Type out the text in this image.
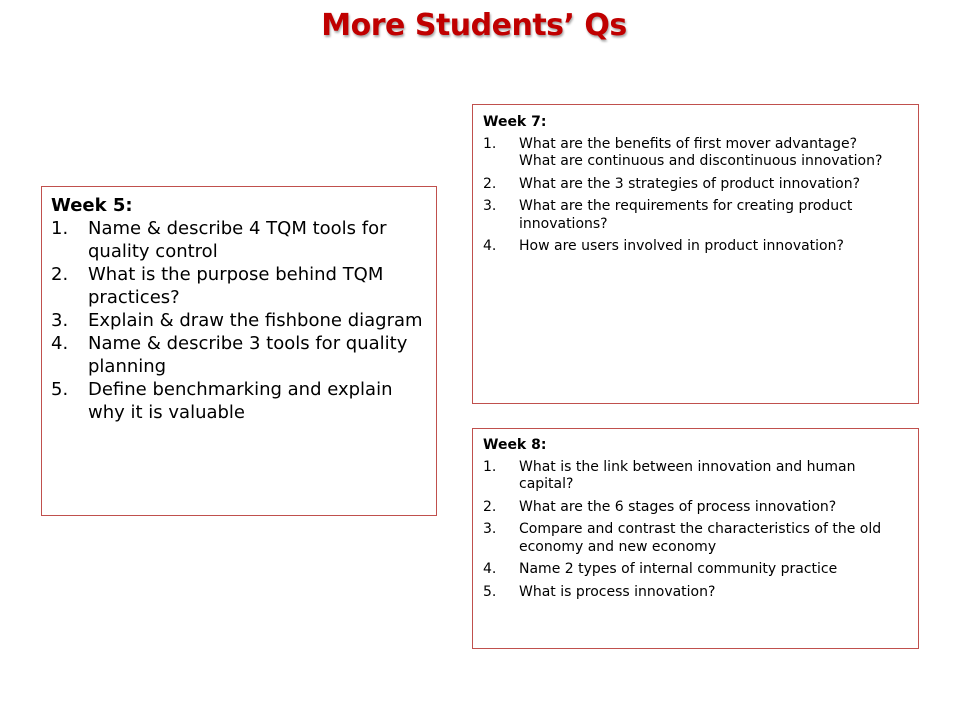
More Students’ Qs
Week 5:
1. Name & describe 4 TQM tools for quality control
2. What is the purpose behind TQM practices?
3. Explain & draw the fishbone diagram
4. Name & describe 3 tools for quality planning
5. Define benchmarking and explain why it is valuable
Week 7:
1. What are the benefits of first mover advantage?
What are continuous and discontinuous innovation?
2. What are the 3 strategies of product innovation?
3. What are the requirements for creating product innovations?
4. How are users involved in product innovation?
Week 8:
1. What is the link between innovation and human capital?
2. What are the 6 stages of process innovation?
3. Compare and contrast the characteristics of the old economy and new economy
4. Name 2 types of internal community practice
5. What is process innovation?
